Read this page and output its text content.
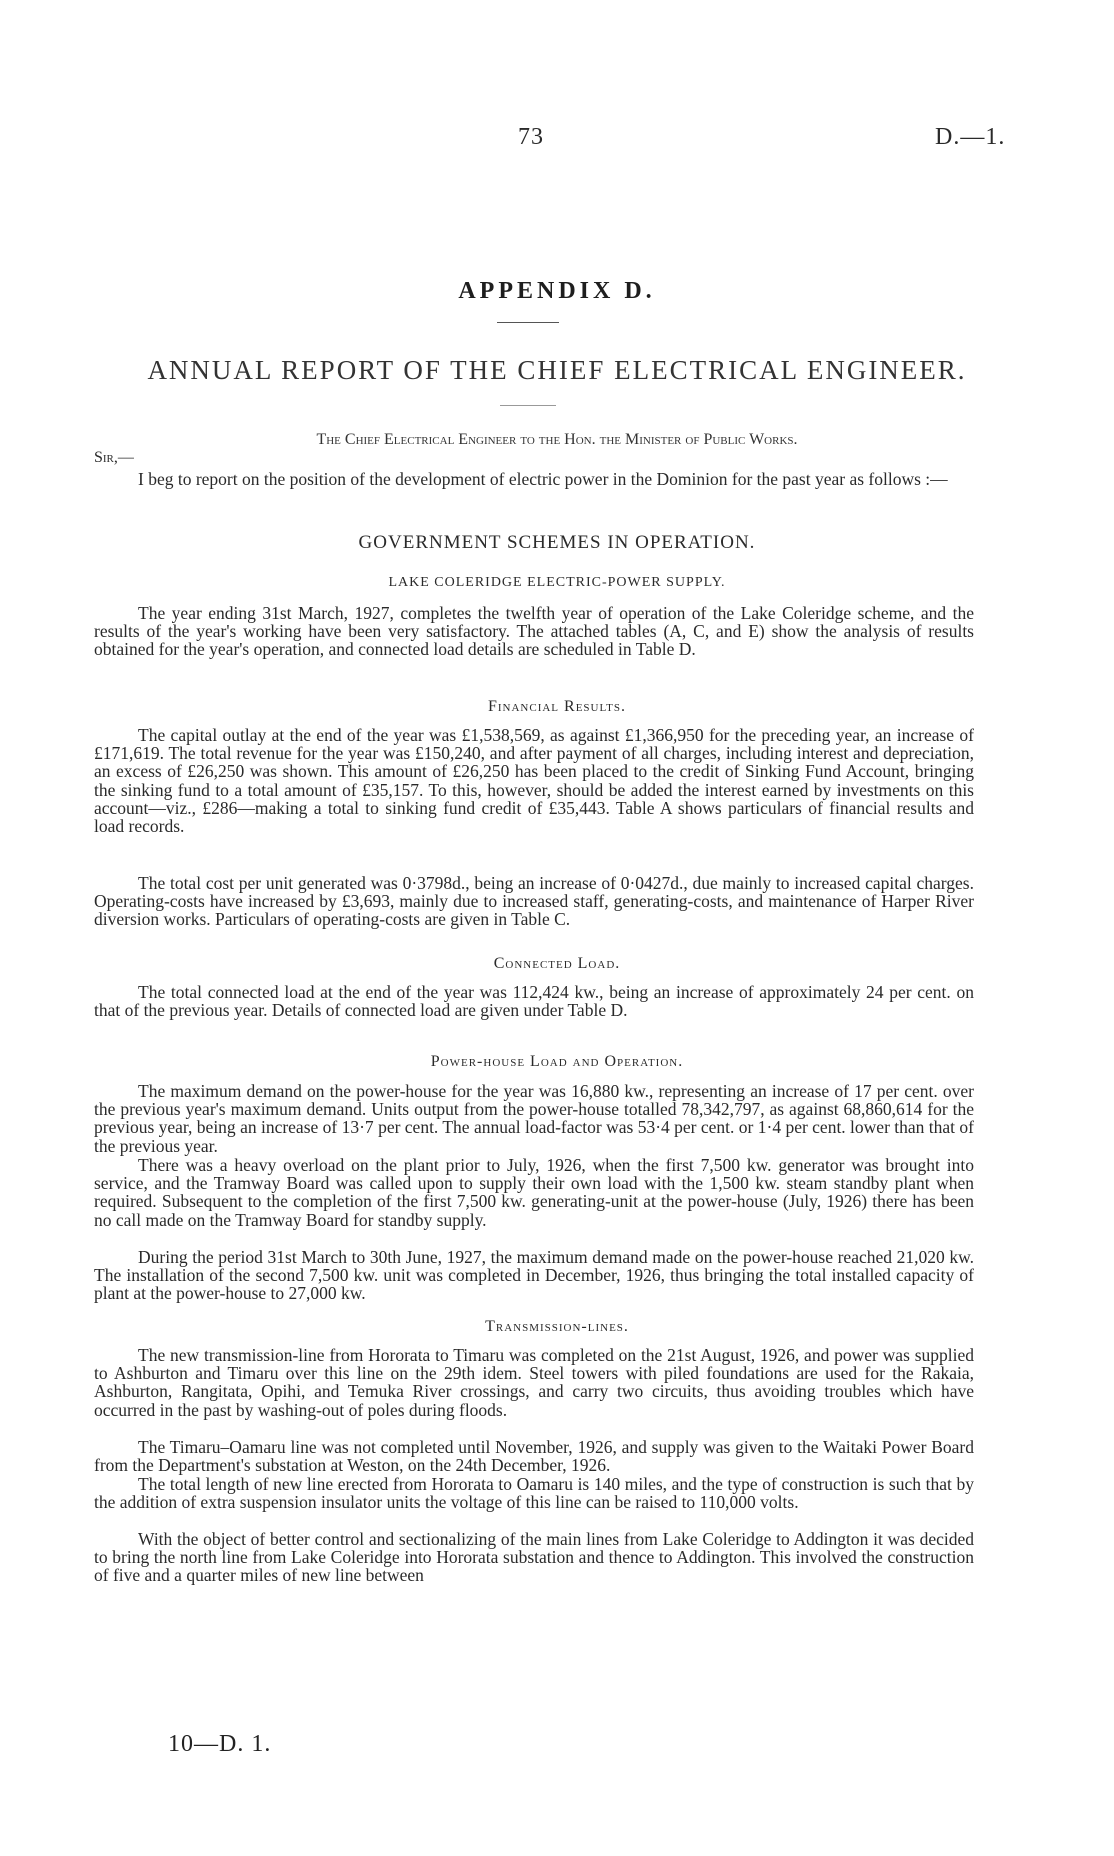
73	D.—1.
APPENDIX D.
ANNUAL REPORT OF THE CHIEF ELECTRICAL ENGINEER.
The Chief Electrical Engineer to the Hon. the Minister of Public Works.
Sir,—

I beg to report on the position of the development of electric power in the Dominion for the past year as follows :—

GOVERNMENT SCHEMES IN OPERATION.
LAKE COLERIDGE ELECTRIC-POWER SUPPLY.

The year ending 31st March, 1927, completes the twelfth year of operation of the Lake Coleridge scheme, and the results of the year's working have been very satisfactory. The attached tables (A, C, and E) show the analysis of results obtained for the year's operation, and connected load details are scheduled in Table D.

Financial Results.

The capital outlay at the end of the year was £1,538,569, as against £1,366,950 for the preceding year, an increase of £171,619. The total revenue for the year was £150,240, and after payment of all charges, including interest and depreciation, an excess of £26,250 was shown. This amount of £26,250 has been placed to the credit of Sinking Fund Account, bringing the sinking fund to a total amount of £35,157. To this, however, should be added the interest earned by investments on this account—viz., £286—making a total to sinking fund credit of £35,443. Table A shows particulars of financial results and load records.

The total cost per unit generated was 0·3798d., being an increase of 0·0427d., due mainly to increased capital charges. Operating-costs have increased by £3,693, mainly due to increased staff, generating-costs, and maintenance of Harper River diversion works. Particulars of operating-costs are given in Table C.

Connected Load.

The total connected load at the end of the year was 112,424 kw., being an increase of approximately 24 per cent. on that of the previous year. Details of connected load are given under Table D.

Power-house Load and Operation.

The maximum demand on the power-house for the year was 16,880 kw., representing an increase of 17 per cent. over the previous year's maximum demand. Units output from the power-house totalled 78,342,797, as against 68,860,614 for the previous year, being an increase of 13·7 per cent. The annual load-factor was 53·4 per cent. or 1·4 per cent. lower than that of the previous year.

There was a heavy overload on the plant prior to July, 1926, when the first 7,500 kw. generator was brought into service, and the Tramway Board was called upon to supply their own load with the 1,500 kw. steam standby plant when required. Subsequent to the completion of the first 7,500 kw. generating-unit at the power-house (July, 1926) there has been no call made on the Tramway Board for standby supply.

During the period 31st March to 30th June, 1927, the maximum demand made on the power-house reached 21,020 kw. The installation of the second 7,500 kw. unit was completed in December, 1926, thus bringing the total installed capacity of plant at the power-house to 27,000 kw.

Transmission-lines.

The new transmission-line from Hororata to Timaru was completed on the 21st August, 1926, and power was supplied to Ashburton and Timaru over this line on the 29th idem. Steel towers with piled foundations are used for the Rakaia, Ashburton, Rangitata, Opihi, and Temuka River crossings, and carry two circuits, thus avoiding troubles which have occurred in the past by washing-out of poles during floods.

The Timaru–Oamaru line was not completed until November, 1926, and supply was given to the Waitaki Power Board from the Department's substation at Weston, on the 24th December, 1926.

The total length of new line erected from Hororata to Oamaru is 140 miles, and the type of construction is such that by the addition of extra suspension insulator units the voltage of this line can be raised to 110,000 volts.

With the object of better control and sectionalizing of the main lines from Lake Coleridge to Addington it was decided to bring the north line from Lake Coleridge into Hororata substation and thence to Addington. This involved the construction of five and a quarter miles of new line between

10—D. 1.
